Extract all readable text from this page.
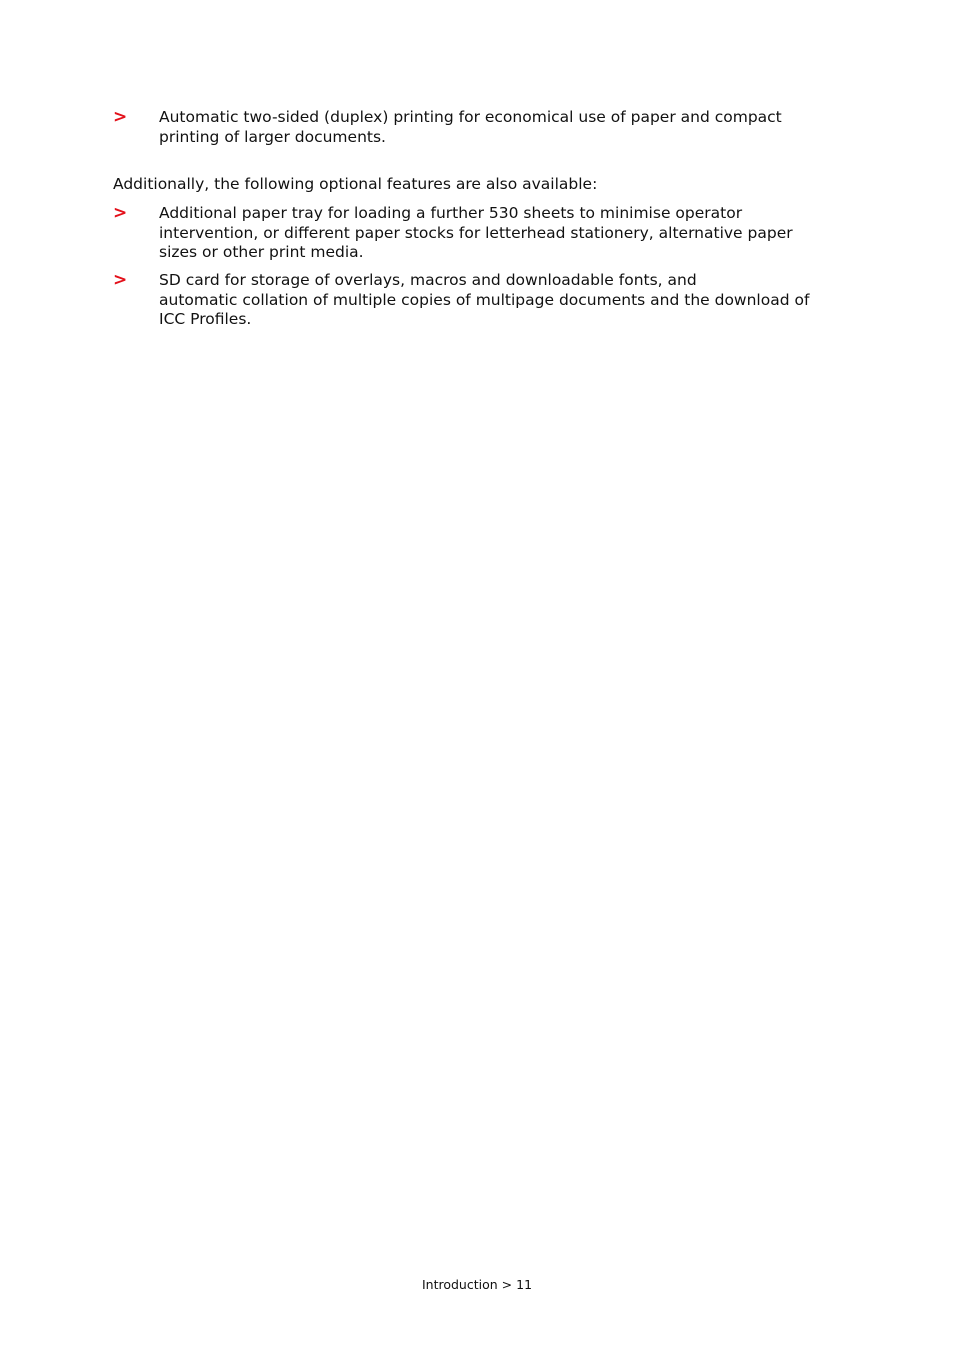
>	Automatic two-sided (duplex) printing for economical use of paper and compact
printing of larger documents.
Additionally, the following optional features are also available:
>	Additional paper tray for loading a further 530 sheets to minimise operator
intervention, or different paper stocks for letterhead stationery, alternative paper
sizes or other print media.
>	SD card for storage of overlays, macros and downloadable fonts, and
automatic collation of multiple copies of multipage documents and the download of
ICC Profiles.
Introduction > 11
